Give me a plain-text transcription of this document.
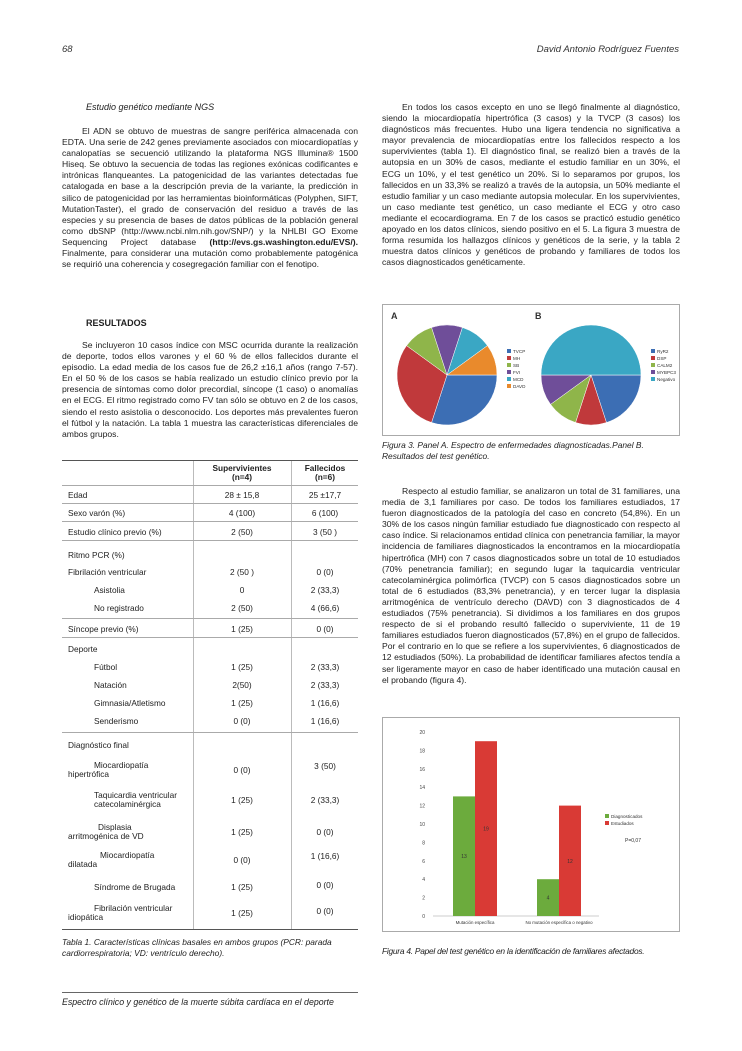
68	David Antonio Rodríguez Fuentes
Estudio genético mediante NGS

El ADN se obtuvo de muestras de sangre periférica almacenada con EDTA. Una serie de 242 genes previamente asociados con miocardiopatías y canalopatías se secuenció utilizando la plataforma NGS Illumina® 1500 Hiseq. Se obtuvo la secuencia de todas las regiones exónicas codificantes e intrónicas flanqueantes. La patogenicidad de las variantes detectadas fue catalogada en base a la descripción previa de la variante, la predicción in silico de patogenicidad por las herramientas bioinformáticas (Polyphen, SIFT, MutationTaster), el grado de conservación del residuo a través de las especies y su presencia de bases de datos públicas de la población general como dbSNP (http://www.ncbi.nlm.nih.gov/SNP/) y la NHLBI GO Exome Sequencing Project database (http://evs.gs.washington.edu/EVS/). Finalmente, para considerar una mutación como probablemente patogénica se requirió una coherencia y cosegregación familiar con el fenotipo.

RESULTADOS

Se incluyeron 10 casos índice con MSC ocurrida durante la realización de deporte, todos ellos varones y el 60 % de ellos fallecidos durante el episodio. La edad media de los casos fue de 26,2 ±16,1 años (rango 7-57). En el 50 % de los casos se había realizado un estudio clínico previo por la presencia de síntomas como dolor precordial, síncope (1 caso) o anomalías en el ECG. El ritmo registrado como FV tan sólo se obtuvo en 2 de los casos, siendo el resto asistolia o desconocido. Los deportes más prevalentes fueron el fútbol y la natación. La tabla 1 muestra las características diferenciales de ambos grupos.

Supervivientes
(n=4)
Fallecidos
(n=6)
Edad	28 ± 15,8	25 ±17,7
Sexo varón (%)	4 (100)	6 (100)
Estudio clínico previo (%)	2 (50)	3 (50 )
Ritmo PCR (%)
Fibrilación ventricular	2 (50 )	0 (0)
Asistolia	0	2 (33,3)
No registrado	2 (50)	4 (66,6)
Síncope previo (%)	1 (25)	0 (0)
Deporte
Fútbol	1 (25)	2 (33,3)
Natación	2(50)	2 (33,3)
Gimnasia/Atletismo	1 (25)	1 (16,6)
Senderismo	0 (0)	1 (16,6)
Diagnóstico final
Miocardiopatía
hipertrófica	0 (0)	3 (50)
Taquicardia ventricular
catecolaminérgica	1 (25)	2 (33,3)
Displasia
arritmogénica de VD	1 (25)	0 (0)
Miocardiopatía
dilatada	0 (0)	1 (16,6)
Síndrome de Brugada	1 (25)	0 (0)
Fibrilación ventricular
idiopática	1 (25)	0 (0)
Tabla 1. Características clínicas basales en ambos grupos (PCR: parada cardiorrespiratoria; VD: ventrículo derecho).
Espectro clínico y genético de la muerte súbita cardíaca en el deporte

En todos los casos excepto en uno se llegó finalmente al diagnóstico, siendo la miocardiopatía hipertrófica (3 casos) y la TVCP (3 casos) los diagnósticos más frecuentes. Hubo una ligera tendencia no significativa a mayor prevalencia de miocardiopatías entre los fallecidos respecto a los supervivientes (tabla 1). El diagnóstico final, se realizó bien a través de la autopsia en un 30% de casos, mediante el estudio familiar en un 30%, el ECG un 10%, y el test genético un 20%. Si lo separamos por grupos, los fallecidos en un 33,3% se realizó a través de la autopsia, un 50% mediante el estudio familiar y un caso mediante autopsia molecular. En los supervivientes, un caso mediante test genético, un caso mediante el ECG y otro caso mediante el ecocardiograma. En 7 de los casos se practicó estudio genético apoyado en los datos clínicos, siendo positivo en el 5. La figura 3 muestra de forma resumida los hallazgos clínicos y genéticos de la serie, y la tabla 2 muestra datos clínicos y genéticos de probando y familiares de todos los casos diagnosticados genéticamente.

A
TVCP
MH
SB
FVI
MCD
DAVD
B
RyR2
DSP
CALM2
MYBPC3
Negativo
Figura 3. Panel A. Espectro de enfermedades diagnosticadas.Panel B. Resultados del test genético.

Respecto al estudio familiar, se analizaron un total de 31 familiares, una media de 3,1 familiares por caso. De todos los familiares estudiados, 17 fueron diagnosticados de la patología del caso en concreto (54,8%). En un 30% de los casos ningún familiar estudiado fue diagnosticado con respecto al caso índice. Si relacionamos entidad clínica con penetrancia familiar, la mayor incidencia de familiares diagnosticados la encontramos en la miocardiopatía hipertrófica (MH) con 7 casos diagnosticados sobre un total de 10 estudiados (70% penetrancia familiar); en segundo lugar la taquicardia ventricular catecolaminérgica polimórfica (TVCP) con 5 casos diagnosticados sobre un total de 6 estudiados (83,3% penetrancia), y en tercer lugar la displasia arritmogénica de ventrículo derecho (DAVD) con 3 diagnosticados de 4 estudiados (75% penetrancia). Si dividimos a los familiares en dos grupos respecto de si el probando resultó fallecido o superviviente, 11 de 19 familiares estudiados fueron diagnosticados (57,8%) en el grupo de fallecidos. Por el contrario en lo que se refiere a los supervivientes, 6 diagnosticados de 12 estudiados (50%). La probabilidad de identificar familiares afectos tendía a ser ligeramente mayor en caso de haber identificado una mutación causal en el probando (figura 4).

0
2
4
6
8
10
12
14
16
18
20
13
19
Mutación específica
4
12
No mutación específica o negativo
Diagnosticados
Estudiados
P=0,07
Figura 4. Papel del test genético en la identificación de familiares afectados.
